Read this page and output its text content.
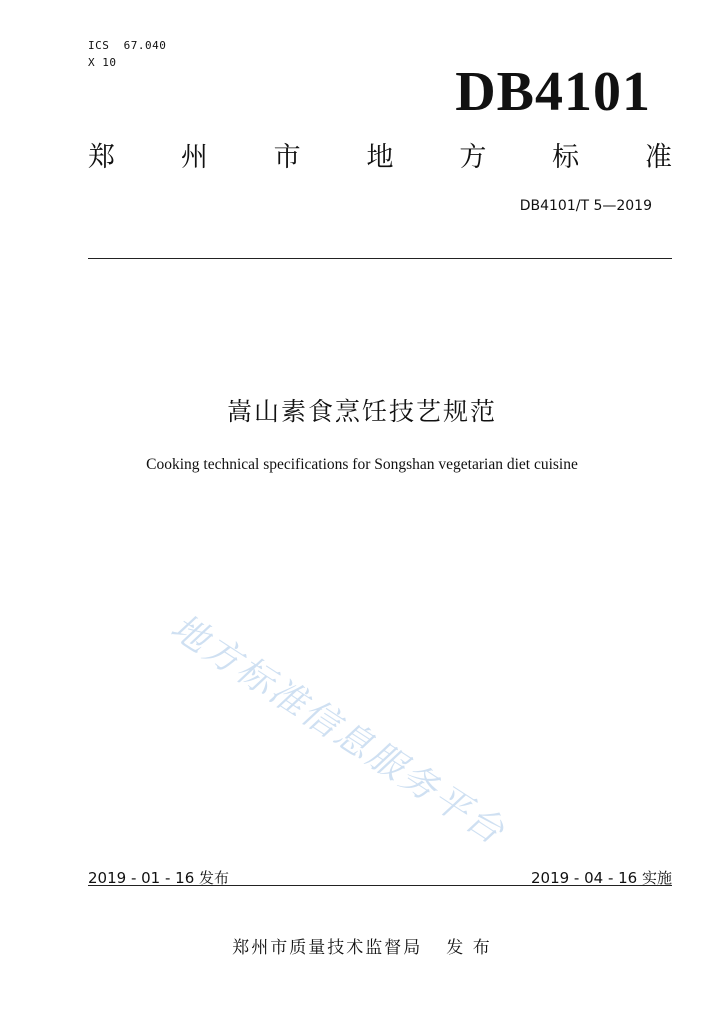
ICS  67.040
X 10	DB4101
郑 州 市 地 方 标 准
DB4101/T 5—2019
嵩山素食烹饪技艺规范
Cooking technical specifications for Songshan vegetarian diet cuisine
地方标准信息服务平台
2019 - 01 - 16 发布	2019 - 04 - 16 实施
郑州市质量技术监督局 发 布
